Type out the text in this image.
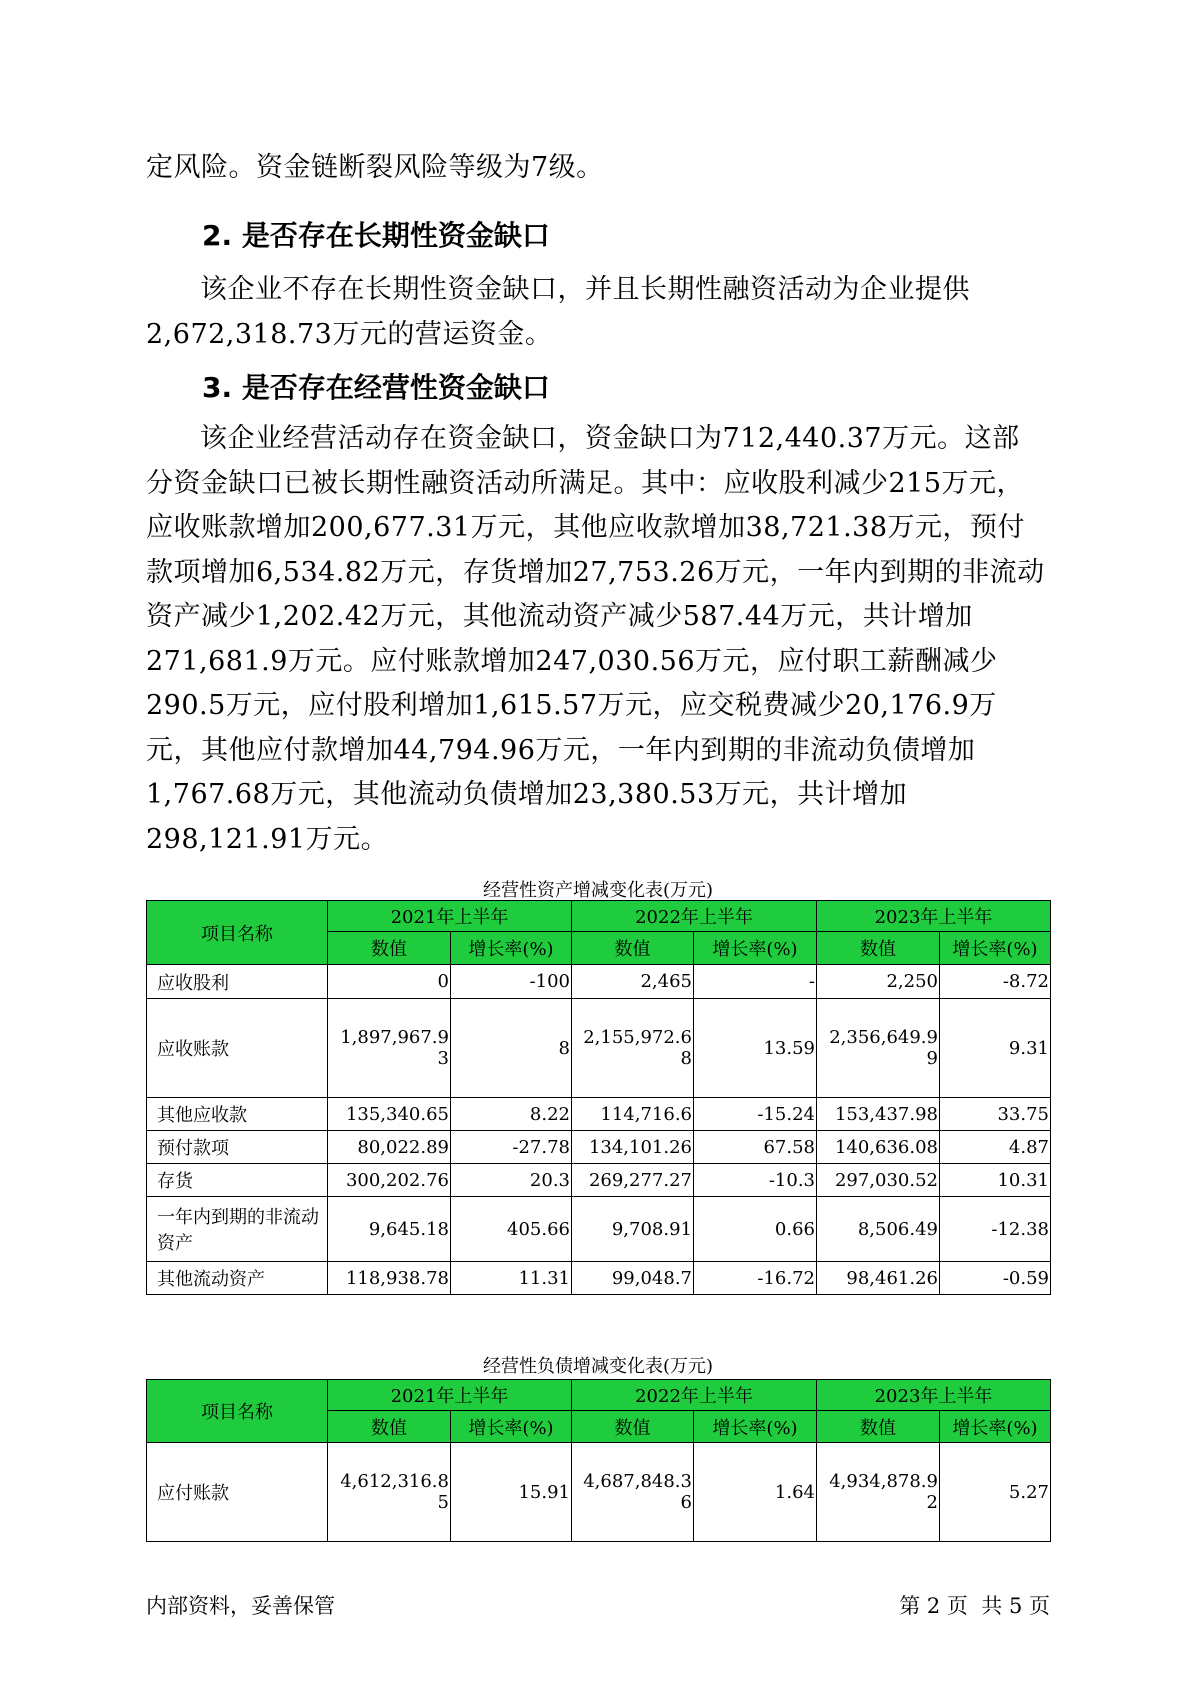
定风险。资金链断裂风险等级为7级。

2. 是否存在长期性资金缺口

该企业不存在长期性资金缺口，并且长期性融资活动为企业提供2,672,318.73万元的营运资金。

3. 是否存在经营性资金缺口

该企业经营活动存在资金缺口，资金缺口为712,440.37万元。这部分资金缺口已被长期性融资活动所满足。其中：应收股利减少215万元，应收账款增加200,677.31万元，其他应收款增加38,721.38万元，预付款项增加6,534.82万元，存货增加27,753.26万元，一年内到期的非流动资产减少1,202.42万元，其他流动资产减少587.44万元，共计增加271,681.9万元。应付账款增加247,030.56万元，应付职工薪酬减少290.5万元，应付股利增加1,615.57万元，应交税费减少20,176.9万元，其他应付款增加44,794.96万元，一年内到期的非流动负债增加1,767.68万元，其他流动负债增加23,380.53万元，共计增加298,121.91万元。

经营性资产增减变化表(万元)

项目名称	2021年上半年		2022年上半年		2023年上半年	
	数值	增长率(%)	数值	增长率(%)	数值	增长率(%)
应收股利	0	-100	2,465	-	2,250	-8.72
应收账款	1,897,967.93	8	2,155,972.68	13.59	2,356,649.99	9.31
其他应收款	135,340.65	8.22	114,716.6	-15.24	153,437.98	33.75
预付款项	80,022.89	-27.78	134,101.26	67.58	140,636.08	4.87
存货	300,202.76	20.3	269,277.27	-10.3	297,030.52	10.31
一年内到期的非流动资产	9,645.18	405.66	9,708.91	0.66	8,506.49	-12.38
其他流动资产	118,938.78	11.31	99,048.7	-16.72	98,461.26	-0.59

经营性负债增减变化表(万元)

项目名称	2021年上半年		2022年上半年		2023年上半年	
	数值	增长率(%)	数值	增长率(%)	数值	增长率(%)
应付账款	4,612,316.85	15.91	4,687,848.36	1.64	4,934,878.92	5.27

内部资料，妥善保管	第 2 页  共 5 页
